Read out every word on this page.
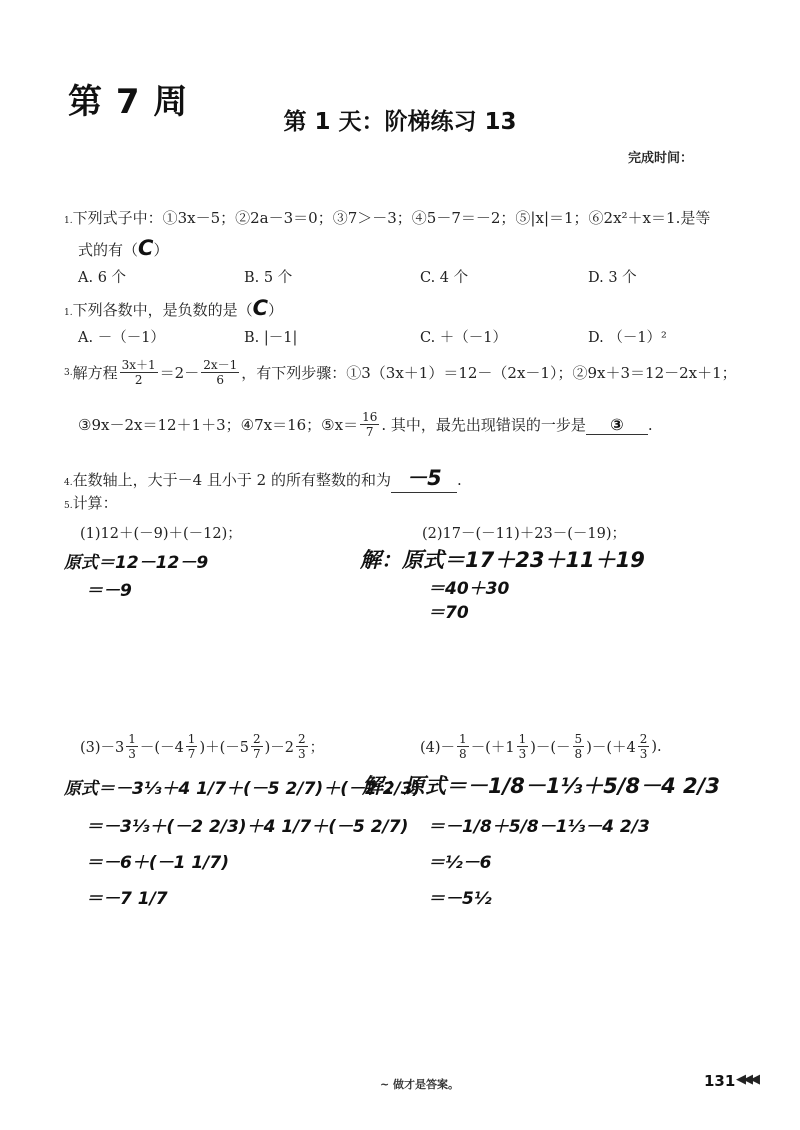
第 7 周	第 1 天：阶梯练习 13
完成时间：
1.下列式子中：①3x－5；②2a－3＝0；③7＞－3；④5－7＝－2；⑤|x|＝1；⑥2x²＋x＝1.是等
式的有（C）
A. 6 个	B. 5 个	C. 4 个	D. 3 个
1.下列各数中，是负数的是（C）
A. －（－1）	B. |－1|	C. ＋（－1）	D. （－1）²
3. 解方程 $\frac{3x+1}{2} =2- \frac{2x-1}{6}$ ，有下列步骤：①3（3x＋1）＝12－（2x－1）；②9x＋3＝12－2x＋1；
③9x－2x＝12＋1＋3；④7x＝16；⑤x＝ $\frac{16}{7}$ . 其中，最先出现错误的一步是	③	.
4.在数轴上，大于－4 且小于 2 的所有整数的和为 －5 .
5.计算：
(1)12＋(－9)＋(－12)；
原式＝12－12－9
＝－9
(2)17－(－11)＋23－(－19)；
解：原式＝17＋23＋11＋19
＝40＋30
＝70
$(3)-3 \frac{1}{3} -(-4 \frac{1}{7} )+(-5 \frac{2}{7} )-2 \frac{2}{3}$ ；
原式＝－3⅓＋4 1/7＋(－5 2/7)＋(－2 2/3)
＝－3⅓＋(－2 2/3)＋4 1/7＋(－5 2/7)
＝－6＋(－1 1/7)
＝－7 1/7
$(4)- \frac{1}{8} -(+1 \frac{1}{3}$ )－(－ $\frac{5}{8} )-(+4 \frac{2}{3}$ ).
解：原式＝－1/8－1⅓＋5/8－4 2/3
＝－1/8＋5/8－1⅓－4 2/3
＝½－6
＝－5½
~ 做才是答案。	131 ◀◀◀
